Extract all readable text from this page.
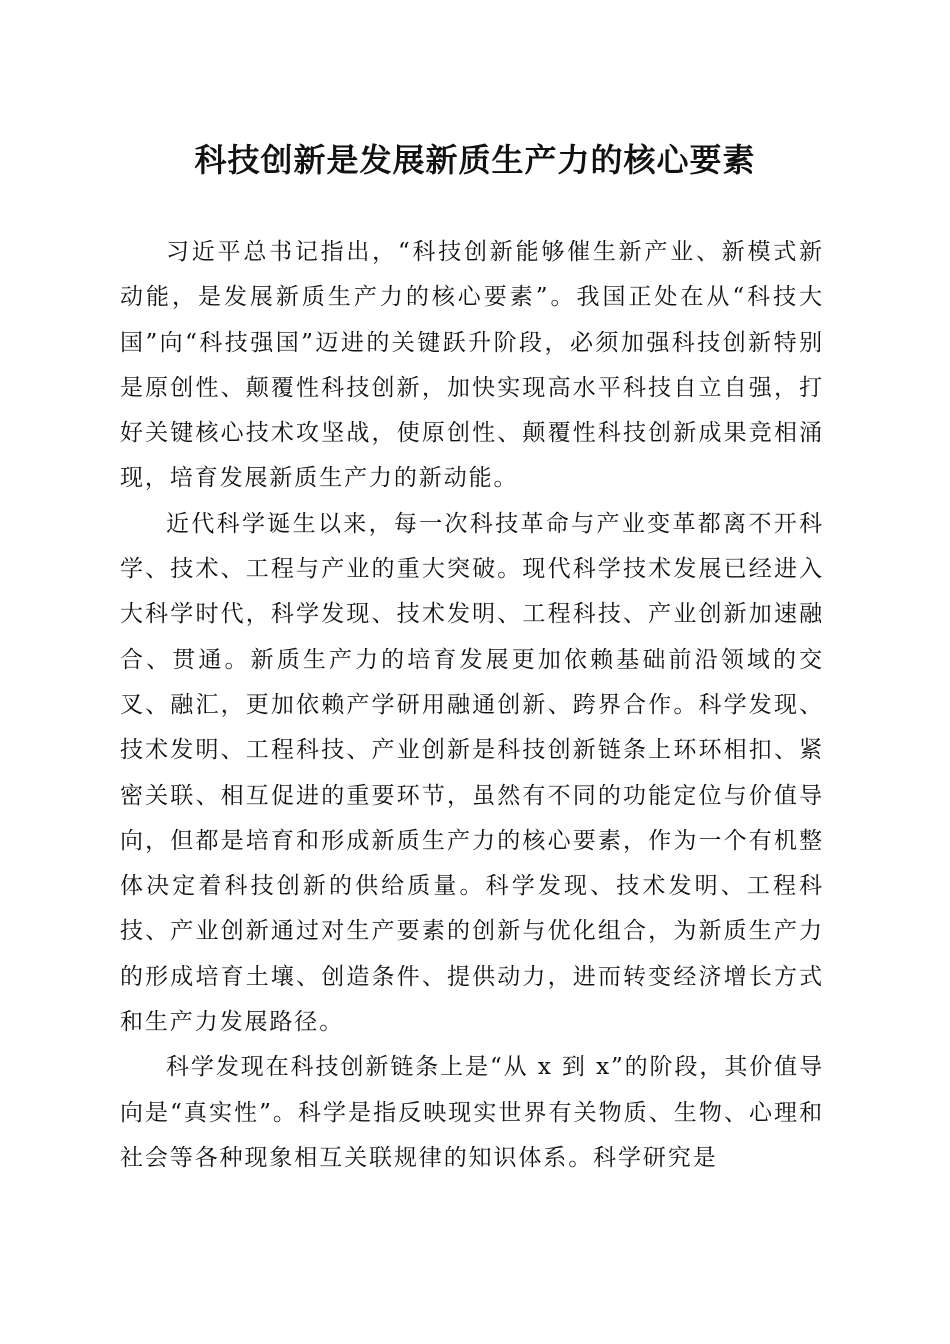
科技创新是发展新质生产力的核心要素

习近平总书记指出，“科技创新能够催生新产业、新模式新动能，是发展新质生产力的核心要素”。我国正处在从“科技大国”向“科技强国”迈进的关键跃升阶段，必须加强科技创新特别是原创性、颠覆性科技创新，加快实现高水平科技自立自强，打好关键核心技术攻坚战，使原创性、颠覆性科技创新成果竞相涌现，培育发展新质生产力的新动能。

近代科学诞生以来，每一次科技革命与产业变革都离不开科学、技术、工程与产业的重大突破。现代科学技术发展已经进入大科学时代，科学发现、技术发明、工程科技、产业创新加速融合、贯通。新质生产力的培育发展更加依赖基础前沿领域的交叉、融汇，更加依赖产学研用融通创新、跨界合作。科学发现、技术发明、工程科技、产业创新是科技创新链条上环环相扣、紧密关联、相互促进的重要环节，虽然有不同的功能定位与价值导向，但都是培育和形成新质生产力的核心要素，作为一个有机整体决定着科技创新的供给质量。科学发现、技术发明、工程科技、产业创新通过对生产要素的创新与优化组合，为新质生产力的形成培育土壤、创造条件、提供动力，进而转变经济增长方式和生产力发展路径。

科学发现在科技创新链条上是“从 x 到 x”的阶段，其价值导向是“真实性”。科学是指反映现实世界有关物质、生物、心理和社会等各种现象相互关联规律的知识体系。科学研究是
